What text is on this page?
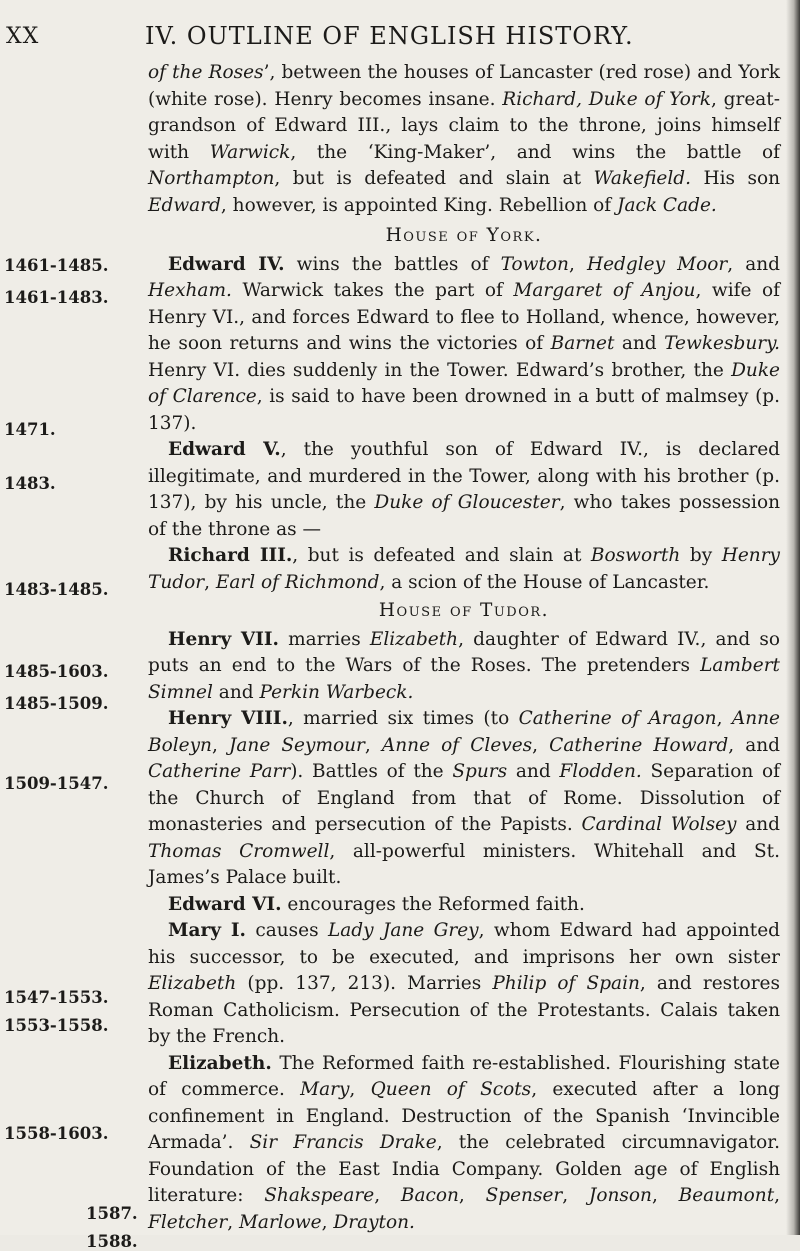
XX	IV. OUTLINE OF ENGLISH HISTORY.
1461-1485.
1461-1483.
1471.
1483.
1483-1485.
1485-1603.
1485-1509.
1509-1547.
1547-1553.
1553-1558.
1558-1603.
1587.
1588.

of the Roses’, between the houses of Lancaster (red rose) and York (white rose). Henry becomes insane. Richard, Duke of York, great-grandson of Edward III., lays claim to the throne, joins himself with Warwick, the ‘King-Maker’, and wins the battle of Northampton, but is defeated and slain at Wakefield. His son Edward, however, is appointed King. Rebellion of Jack Cade.

House of York.

Edward IV. wins the battles of Towton, Hedgley Moor, and Hexham. Warwick takes the part of Margaret of Anjou, wife of Henry VI., and forces Edward to flee to Holland, whence, however, he soon returns and wins the victories of Barnet and Tewkesbury. Henry VI. dies suddenly in the Tower. Edward’s brother, the Duke of Clarence, is said to have been drowned in a butt of malmsey (p. 137).

Edward V., the youthful son of Edward IV., is declared illegitimate, and murdered in the Tower, along with his brother (p. 137), by his uncle, the Duke of Gloucester, who takes possession of the throne as —

Richard III., but is defeated and slain at Bosworth by Henry Tudor, Earl of Richmond, a scion of the House of Lancaster.

House of Tudor.

Henry VII. marries Elizabeth, daughter of Edward IV., and so puts an end to the Wars of the Roses. The pretenders Lambert Simnel and Perkin Warbeck.

Henry VIII., married six times (to Catherine of Aragon, Anne Boleyn, Jane Seymour, Anne of Cleves, Catherine Howard, and Catherine Parr). Battles of the Spurs and Flodden. Separation of the Church of England from that of Rome. Dissolution of monasteries and persecution of the Papists. Cardinal Wolsey and Thomas Cromwell, all-powerful ministers. Whitehall and St. James’s Palace built.

Edward VI. encourages the Reformed faith.

Mary I. causes Lady Jane Grey, whom Edward had appointed his successor, to be executed, and imprisons her own sister Elizabeth (pp. 137, 213). Marries Philip of Spain, and restores Roman Catholicism. Persecution of the Protestants. Calais taken by the French.

Elizabeth. The Reformed faith re-established. Flourishing state of commerce. Mary, Queen of Scots, executed after a long confinement in England. Destruction of the Spanish ‘Invincible Armada’. Sir Francis Drake, the celebrated circumnavigator. Foundation of the East India Company. Golden age of English literature: Shakspeare, Bacon, Spenser, Jonson, Beaumont, Fletcher, Marlowe, Drayton.
